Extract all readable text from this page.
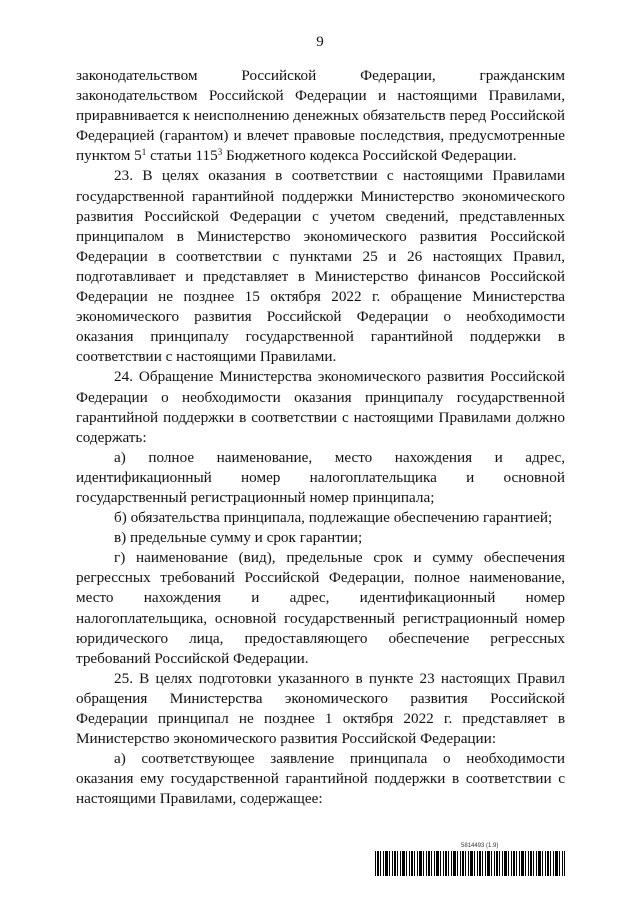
9

законодательством Российской Федерации, гражданским законодательством Российской Федерации и настоящими Правилами, приравнивается к неисполнению денежных обязательств перед Российской Федерацией (гарантом) и влечет правовые последствия, предусмотренные пунктом $5^1$ статьи $115^3$ Бюджетного кодекса Российской Федерации.

23. В целях оказания в соответствии с настоящими Правилами государственной гарантийной поддержки Министерство экономического развития Российской Федерации с учетом сведений, представленных принципалом в Министерство экономического развития Российской Федерации в соответствии с пунктами 25 и 26 настоящих Правил, подготавливает и представляет в Министерство финансов Российской Федерации не позднее 15 октября 2022 г. обращение Министерства экономического развития Российской Федерации о необходимости оказания принципалу государственной гарантийной поддержки в соответствии с настоящими Правилами.

24. Обращение Министерства экономического развития Российской Федерации о необходимости оказания принципалу государственной гарантийной поддержки в соответствии с настоящими Правилами должно содержать:

а) полное наименование, место нахождения и адрес, идентификационный номер налогоплательщика и основной государственный регистрационный номер принципала;

б) обязательства принципала, подлежащие обеспечению гарантией;

в) предельные сумму и срок гарантии;

г) наименование (вид), предельные срок и сумму обеспечения регрессных требований Российской Федерации, полное наименование, место нахождения и адрес, идентификационный номер налогоплательщика, основной государственный регистрационный номер юридического лица, предоставляющего обеспечение регрессных требований Российской Федерации.

25. В целях подготовки указанного в пункте 23 настоящих Правил обращения Министерства экономического развития Российской Федерации принципал не позднее 1 октября 2022 г. представляет в Министерство экономического развития Российской Федерации:

а) соответствующее заявление принципала о необходимости оказания ему государственной гарантийной поддержки в соответствии с настоящими Правилами, содержащее:

5814493 (1.9)
